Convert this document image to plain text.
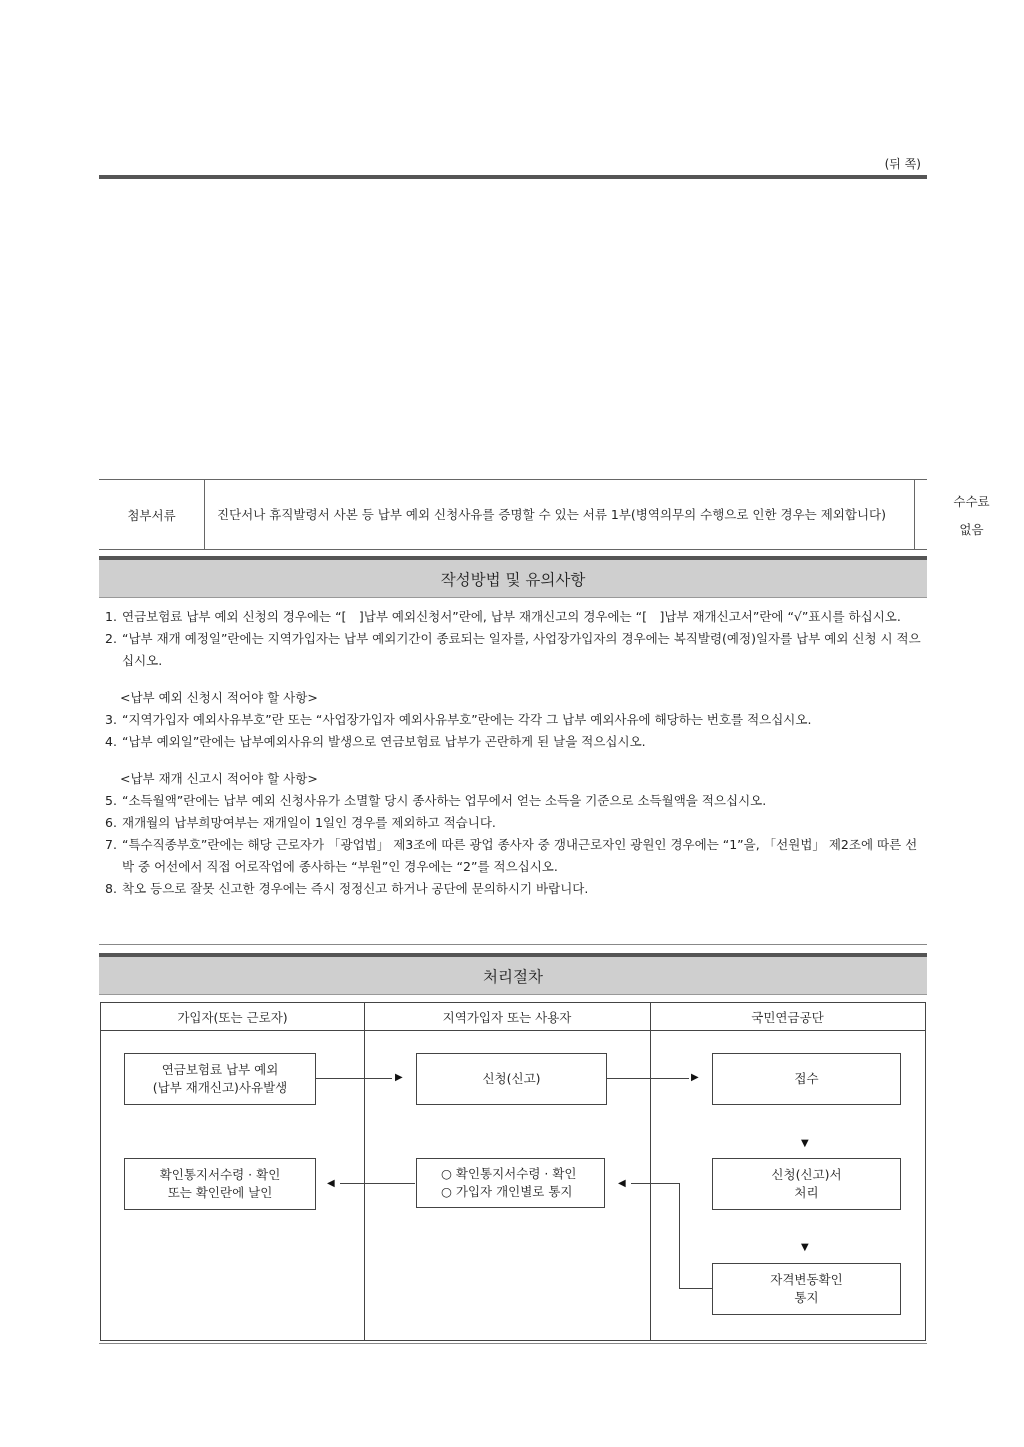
(뒤 쪽)
첨부서류	진단서나 휴직발령서 사본 등 납부 예외 신청사유를 증명할 수 있는 서류 1부(병역의무의 수행으로 인한 경우는 제외합니다)
수수료
없음
작성방법 및 유의사항
1. 연금보험료 납부 예외 신청의 경우에는 “[　]납부 예외신청서”란에, 납부 재개신고의 경우에는 “[　]납부 재개신고서”란에 “√”표시를 하십시오.
2. “납부 재개 예정일”란에는 지역가입자는 납부 예외기간이 종료되는 일자를, 사업장가입자의 경우에는 복직발령(예정)일자를 납부 예외 신청 시 적으십시오.
<납부 예외 신청시 적어야 할 사항>
3. “지역가입자 예외사유부호”란 또는 “사업장가입자 예외사유부호”란에는 각각 그 납부 예외사유에 해당하는 번호를 적으십시오.
4. “납부 예외일”란에는 납부예외사유의 발생으로 연금보험료 납부가 곤란하게 된 날을 적으십시오.
<납부 재개 신고시 적어야 할 사항>
5. “소득월액”란에는 납부 예외 신청사유가 소멸할 당시 종사하는 업무에서 얻는 소득을 기준으로 소득월액을 적으십시오.
6. 재개월의 납부희망여부는 재개일이 1일인 경우를 제외하고 적습니다.
7. “특수직종부호”란에는 해당 근로자가 「광업법」 제3조에 따른 광업 종사자 중 갱내근로자인 광원인 경우에는 “1”을, 「선원법」 제2조에 따른 선박 중 어선에서 직접 어로작업에 종사하는 “부원”인 경우에는 “2”를 적으십시오.
8. 착오 등으로 잘못 신고한 경우에는 즉시 정정신고 하거나 공단에 문의하시기 바랍니다.
처리절차
가입자(또는 근로자)	지역가입자 또는 사용자	국민연금공단
연금보험료 납부 예외
(납부 재개신고)사유발생
▶	신청(신고)	▶	접수
▼
확인통지서수령 · 확인
또는 확인란에 날인
◀
○ 확인통지서수령 · 확인
○ 가입자 개인별로 통지
◀
신청(신고)서
처리
▼
자격변동확인
통지
